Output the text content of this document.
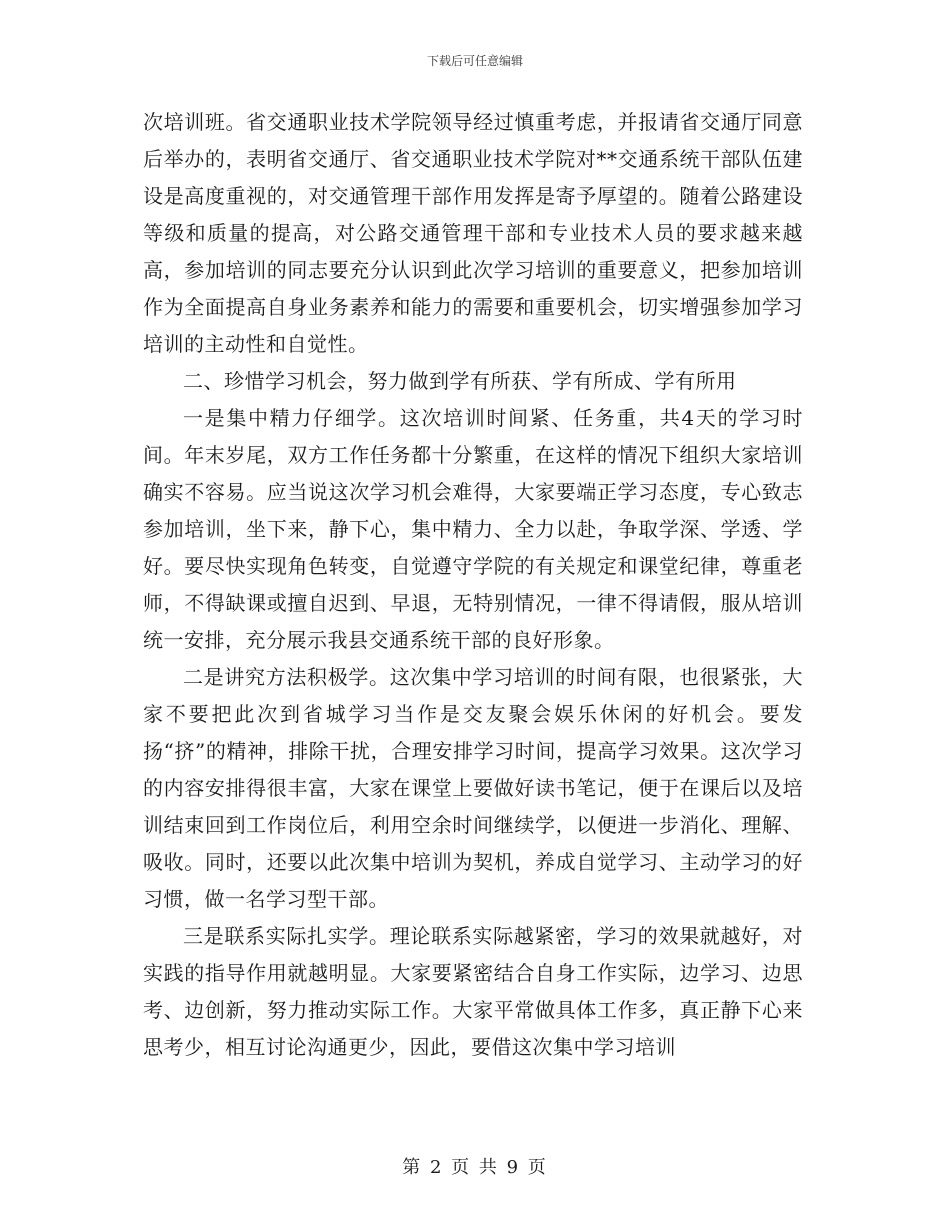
下载后可任意编辑

次培训班。省交通职业技术学院领导经过慎重考虑，并报请省交通厅同意后举办的，表明省交通厅、省交通职业技术学院对**交通系统干部队伍建设是高度重视的，对交通管理干部作用发挥是寄予厚望的。随着公路建设等级和质量的提高，对公路交通管理干部和专业技术人员的要求越来越高，参加培训的同志要充分认识到此次学习培训的重要意义，把参加培训作为全面提高自身业务素养和能力的需要和重要机会，切实增强参加学习培训的主动性和自觉性。

二、珍惜学习机会，努力做到学有所获、学有所成、学有所用

一是集中精力仔细学。这次培训时间紧、任务重，共4天的学习时间。年末岁尾，双方工作任务都十分繁重，在这样的情况下组织大家培训确实不容易。应当说这次学习机会难得，大家要端正学习态度，专心致志参加培训，坐下来，静下心，集中精力、全力以赴，争取学深、学透、学好。要尽快实现角色转变，自觉遵守学院的有关规定和课堂纪律，尊重老师，不得缺课或擅自迟到、早退，无特别情况，一律不得请假，服从培训统一安排，充分展示我县交通系统干部的良好形象。

二是讲究方法积极学。这次集中学习培训的时间有限，也很紧张，大家不要把此次到省城学习当作是交友聚会娱乐休闲的好机会。要发扬“挤”的精神，排除干扰，合理安排学习时间，提高学习效果。这次学习的内容安排得很丰富，大家在课堂上要做好读书笔记，便于在课后以及培训结束回到工作岗位后，利用空余时间继续学，以便进一步消化、理解、吸收。同时，还要以此次集中培训为契机，养成自觉学习、主动学习的好习惯，做一名学习型干部。

三是联系实际扎实学。理论联系实际越紧密，学习的效果就越好，对实践的指导作用就越明显。大家要紧密结合自身工作实际，边学习、边思考、边创新，努力推动实际工作。大家平常做具体工作多，真正静下心来思考少，相互讨论沟通更少，因此，要借这次集中学习培训

第 2 页 共 9 页
